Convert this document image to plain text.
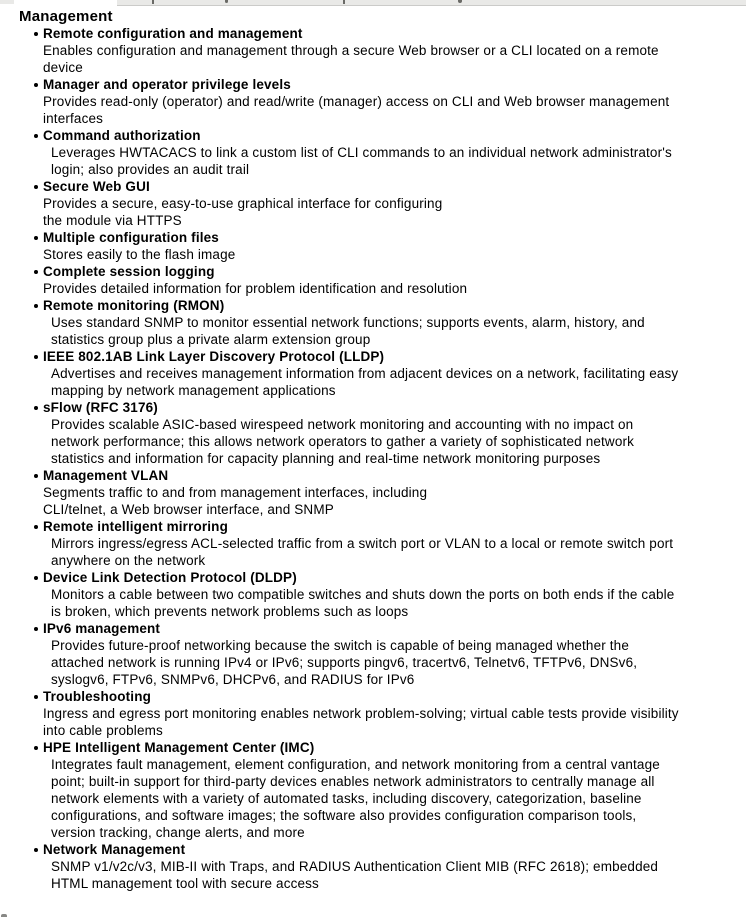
Management
Remote configuration and management
Enables configuration and management through a secure Web browser or a CLI located on a remote
device
Manager and operator privilege levels
Provides read-only (operator) and read/write (manager) access on CLI and Web browser management
interfaces
Command authorization
Leverages HWTACACS to link a custom list of CLI commands to an individual network administrator's
login; also provides an audit trail
Secure Web GUI
Provides a secure, easy-to-use graphical interface for configuring
the module via HTTPS
Multiple configuration files
Stores easily to the flash image
Complete session logging
Provides detailed information for problem identification and resolution
Remote monitoring (RMON)
Uses standard SNMP to monitor essential network functions; supports events, alarm, history, and
statistics group plus a private alarm extension group
IEEE 802.1AB Link Layer Discovery Protocol (LLDP)
Advertises and receives management information from adjacent devices on a network, facilitating easy
mapping by network management applications
sFlow (RFC 3176)
Provides scalable ASIC-based wirespeed network monitoring and accounting with no impact on
network performance; this allows network operators to gather a variety of sophisticated network
statistics and information for capacity planning and real-time network monitoring purposes
Management VLAN
Segments traffic to and from management interfaces, including
CLI/telnet, a Web browser interface, and SNMP
Remote intelligent mirroring
Mirrors ingress/egress ACL-selected traffic from a switch port or VLAN to a local or remote switch port
anywhere on the network
Device Link Detection Protocol (DLDP)
Monitors a cable between two compatible switches and shuts down the ports on both ends if the cable
is broken, which prevents network problems such as loops
IPv6 management
Provides future-proof networking because the switch is capable of being managed whether the
attached network is running IPv4 or IPv6; supports pingv6, tracertv6, Telnetv6, TFTPv6, DNSv6,
syslogv6, FTPv6, SNMPv6, DHCPv6, and RADIUS for IPv6
Troubleshooting
Ingress and egress port monitoring enables network problem-solving; virtual cable tests provide visibility
into cable problems
HPE Intelligent Management Center (IMC)
Integrates fault management, element configuration, and network monitoring from a central vantage
point; built-in support for third-party devices enables network administrators to centrally manage all
network elements with a variety of automated tasks, including discovery, categorization, baseline
configurations, and software images; the software also provides configuration comparison tools,
version tracking, change alerts, and more
Network Management
SNMP v1/v2c/v3, MIB-II with Traps, and RADIUS Authentication Client MIB (RFC 2618); embedded
HTML management tool with secure access
